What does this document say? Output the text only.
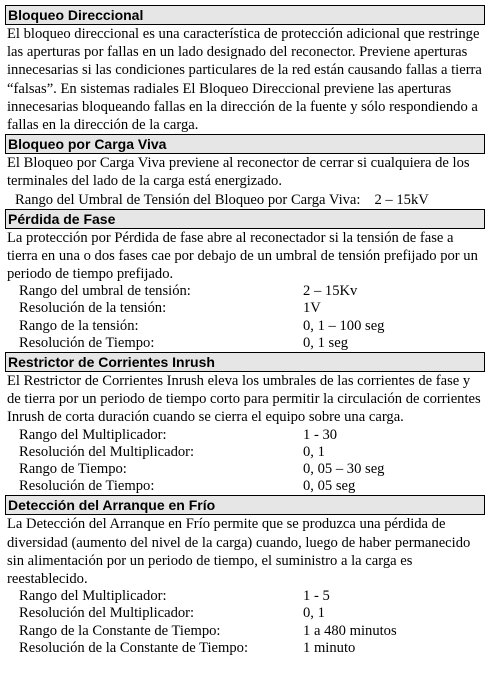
Bloqueo Direccional

El bloqueo direccional es una característica de protección adicional que restringe las aperturas por fallas en un lado designado del reconector. Previene aperturas innecesarias si las condiciones particulares de la red están causando fallas a tierra “falsas”. En sistemas radiales El Bloqueo Direccional previene las aperturas innecesarias bloqueando fallas en la dirección de la fuente y sólo respondiendo a fallas en la dirección de la carga.

Bloqueo por Carga Viva

El Bloqueo por Carga Viva previene al reconector de cerrar si cualquiera de los terminales del lado de la carga está energizado.

Rango del Umbral de Tensión del Bloqueo por Carga Viva: 2 – 15kV
Pérdida de Fase

La protección por Pérdida de fase abre al reconectador si la tensión de fase a tierra en una o dos fases cae por debajo de un umbral de tensión prefijado por un periodo de tiempo prefijado.

Rango del umbral de tensión:	2 – 15Kv
Resolución de la tensión:	1V
Rango de la tensión:	0, 1 – 100 seg
Resolución de Tiempo:	0, 1 seg
Restrictor de Corrientes Inrush

El Restrictor de Corrientes Inrush eleva los umbrales de las corrientes de fase y de tierra por un periodo de tiempo corto para permitir la circulación de corrientes Inrush de corta duración cuando se cierra el equipo sobre una carga.

Rango del Multiplicador:	1 - 30
Resolución del Multiplicador:	0, 1
Rango de Tiempo:	0, 05 – 30 seg
Resolución de Tiempo:	0, 05 seg
Detección del Arranque en Frío

La Detección del Arranque en Frío permite que se produzca una pérdida de diversidad (aumento del nivel de la carga) cuando, luego de haber permanecido sin alimentación por un periodo de tiempo, el suministro a la carga es reestablecido.

Rango del Multiplicador:	1 - 5
Resolución del Multiplicador:	0, 1
Rango de la Constante de Tiempo:	1 a 480 minutos
Resolución de la Constante de Tiempo:	1 minuto
